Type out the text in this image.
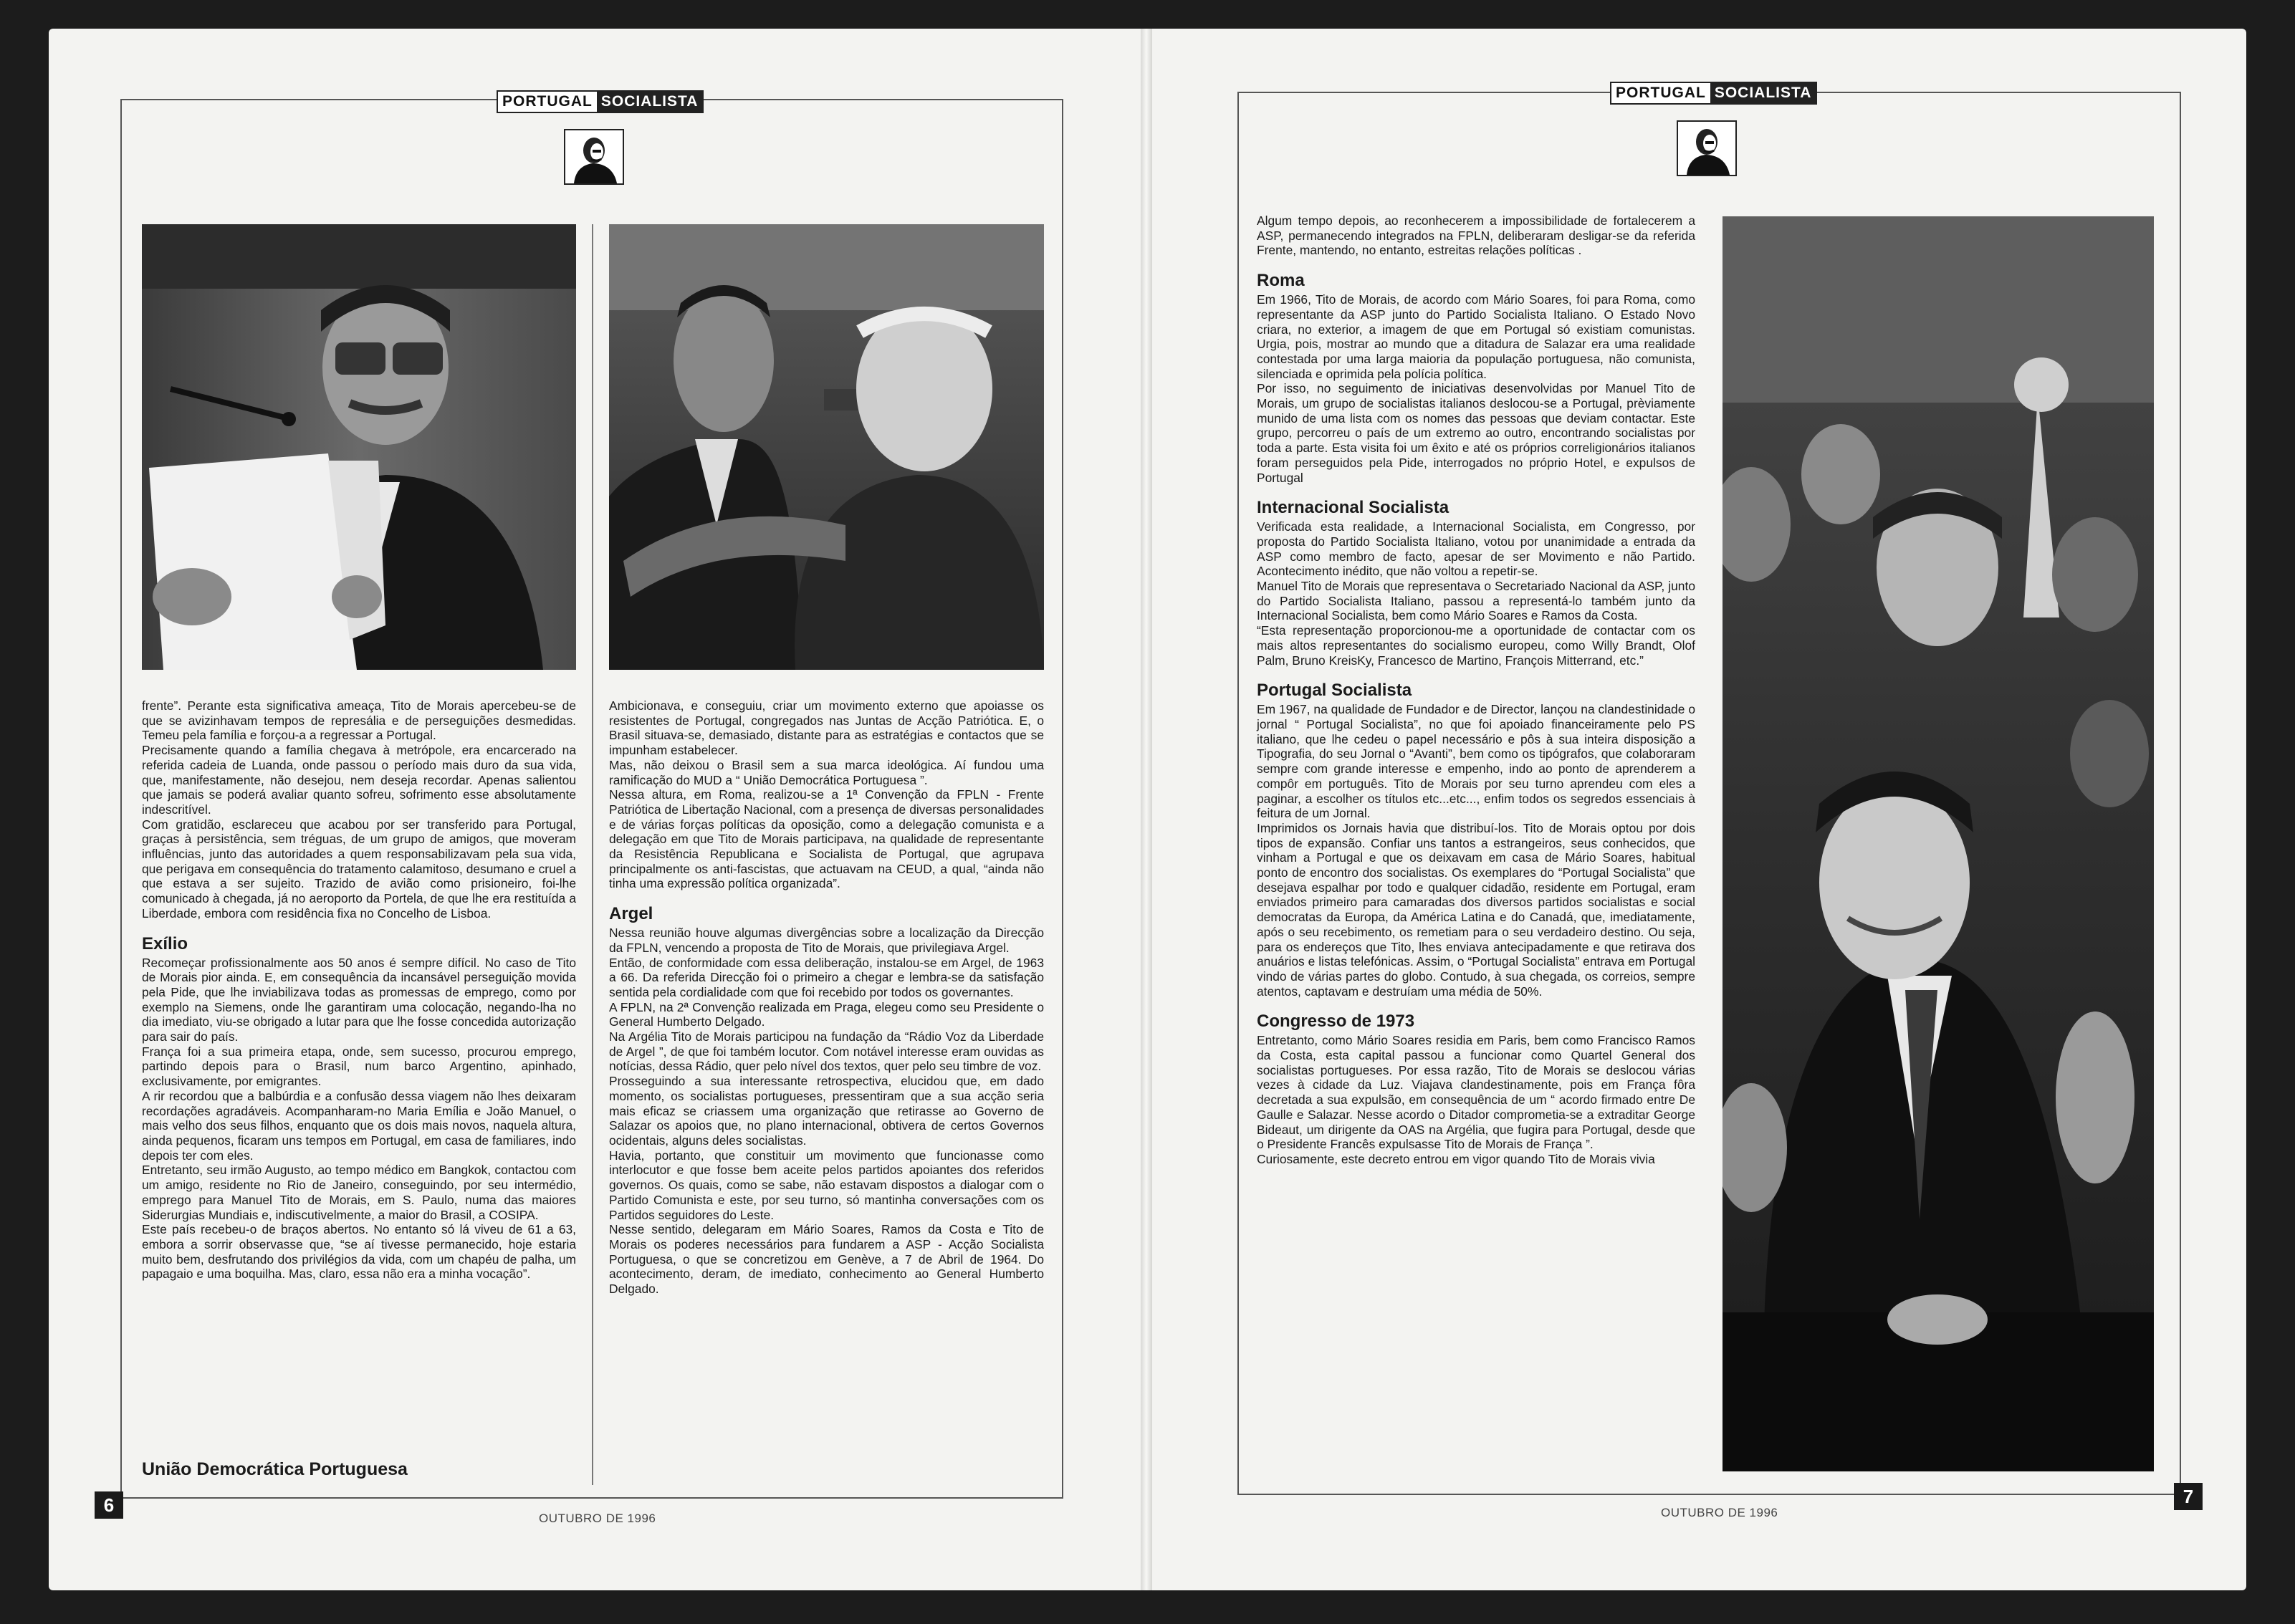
PORTUGAL SOCIALISTA

frente”. Perante esta significativa ameaça, Tito de Morais apercebeu-se de que se avizinhavam tempos de represália e de perseguições desmedidas. Temeu pela família e forçou-a a regressar a Portugal.

Precisamente quando a família chegava à metrópole, era encarcerado na referida cadeia de Luanda, onde passou o período mais duro da sua vida, que, manifestamente, não desejou, nem deseja recordar. Apenas salientou que jamais se poderá avaliar quanto sofreu, sofrimento esse absolutamente indescritível.

Com gratidão, esclareceu que acabou por ser transferido para Portugal, graças à persistência, sem tréguas, de um grupo de amigos, que moveram influências, junto das autoridades a quem responsabilizavam pela sua vida, que perigava em consequência do tratamento calamitoso, desumano e cruel a que estava a ser sujeito. Trazido de avião como prisioneiro, foi-lhe comunicado à chegada, já no aeroporto da Portela, de que lhe era restituída a Liberdade, embora com residência fixa no Concelho de Lisboa.

Exílio

Recomeçar profissionalmente aos 50 anos é sempre difícil. No caso de Tito de Morais pior ainda. E, em consequência da incansável perseguição movida pela Pide, que lhe inviabilizava todas as promessas de emprego, como por exemplo na Siemens, onde lhe garantiram uma colocação, negando-lha no dia imediato, viu-se obrigado a lutar para que lhe fosse concedida autorização para sair do país.

França foi a sua primeira etapa, onde, sem sucesso, procurou emprego, partindo depois para o Brasil, num barco Argentino, apinhado, exclusivamente, por emigrantes.

A rir recordou que a balbúrdia e a confusão dessa viagem não lhes deixaram recordações agradáveis. Acompanharam-no Maria Emília e João Manuel, o mais velho dos seus filhos, enquanto que os dois mais novos, naquela altura, ainda pequenos, ficaram uns tempos em Portugal, em casa de familiares, indo depois ter com eles.

Entretanto, seu irmão Augusto, ao tempo médico em Bangkok, contactou com um amigo, residente no Rio de Janeiro, conseguindo, por seu intermédio, emprego para Manuel Tito de Morais, em S. Paulo, numa das maiores Siderurgias Mundiais e, indiscutivelmente, a maior do Brasil, a COSIPA.

Este país recebeu-o de braços abertos. No entanto só lá viveu de 61 a 63, embora a sorrir observasse que, “se aí tivesse permanecido, hoje estaria muito bem, desfrutando dos privilégios da vida, com um chapéu de palha, um papagaio e uma boquilha. Mas, claro, essa não era a minha vocação”.

União Democrática Portuguesa

Ambicionava, e conseguiu, criar um movimento externo que apoiasse os resistentes de Portugal, congregados nas Juntas de Acção Patriótica. E, o Brasil situava-se, demasiado, distante para as estratégias e contactos que se impunham estabelecer.

Mas, não deixou o Brasil sem a sua marca ideológica. Aí fundou uma ramificação do MUD a “ União Democrática Portuguesa ”.

Nessa altura, em Roma, realizou-se a 1ª Convenção da FPLN - Frente Patriótica de Libertação Nacional, com a presença de diversas personalidades e de várias forças políticas da oposição, como a delegação comunista e a delegação em que Tito de Morais participava, na qualidade de representante da Resistência Republicana e Socialista de Portugal, que agrupava principalmente os anti-fascistas, que actuavam na CEUD, a qual, “ainda não tinha uma expressão política organizada”.

Argel

Nessa reunião houve algumas divergências sobre a localização da Direcção da FPLN, vencendo a proposta de Tito de Morais, que privilegiava Argel.

Então, de conformidade com essa deliberação, instalou-se em Argel, de 1963 a 66. Da referida Direcção foi o primeiro a chegar e lembra-se da satisfação sentida pela cordialidade com que foi recebido por todos os governantes.

A FPLN, na 2ª Convenção realizada em Praga, elegeu como seu Presidente o General Humberto Delgado.

Na Argélia Tito de Morais participou na fundação da “Rádio Voz da Liberdade de Argel ”, de que foi também locutor. Com notável interesse eram ouvidas as notícias, dessa Rádio, quer pelo nível dos textos, quer pelo seu timbre de voz.

Prosseguindo a sua interessante retrospectiva, elucidou que, em dado momento, os socialistas portugueses, pressentiram que a sua acção seria mais eficaz se criassem uma organização que retirasse ao Governo de Salazar os apoios que, no plano internacional, obtivera de certos Governos ocidentais, alguns deles socialistas.

Havia, portanto, que constituir um movimento que funcionasse como interlocutor e que fosse bem aceite pelos partidos apoiantes dos referidos governos. Os quais, como se sabe, não estavam dispostos a dialogar com o Partido Comunista e este, por seu turno, só mantinha conversações com os Partidos seguidores do Leste.

Nesse sentido, delegaram em Mário Soares, Ramos da Costa e Tito de Morais os poderes necessários para fundarem a ASP - Acção Socialista Portuguesa, o que se concretizou em Genève, a 7 de Abril de 1964. Do acontecimento, deram, de imediato, conhecimento ao General Humberto Delgado.

6
OUTUBRO DE 1996
PORTUGAL SOCIALISTA

Algum tempo depois, ao reconhecerem a impossibilidade de fortalecerem a ASP, permanecendo integrados na FPLN, deliberaram desligar-se da referida Frente, mantendo, no entanto, estreitas relações políticas .

Roma

Em 1966, Tito de Morais, de acordo com Mário Soares, foi para Roma, como representante da ASP junto do Partido Socialista Italiano. O Estado Novo criara, no exterior, a imagem de que em Portugal só existiam comunistas. Urgia, pois, mostrar ao mundo que a ditadura de Salazar era uma realidade contestada por uma larga maioria da população portuguesa, não comunista, silenciada e oprimida pela polícia política.

Por isso, no seguimento de iniciativas desenvolvidas por Manuel Tito de Morais, um grupo de socialistas italianos deslocou-se a Portugal, prèviamente munido de uma lista com os nomes das pessoas que deviam contactar. Este grupo, percorreu o país de um extremo ao outro, encontrando socialistas por toda a parte. Esta visita foi um êxito e até os próprios correligionários italianos foram perseguidos pela Pide, interrogados no próprio Hotel, e expulsos de Portugal

Internacional Socialista

Verificada esta realidade, a Internacional Socialista, em Congresso, por proposta do Partido Socialista Italiano, votou por unanimidade a entrada da ASP como membro de facto, apesar de ser Movimento e não Partido. Acontecimento inédito, que não voltou a repetir-se.

Manuel Tito de Morais que representava o Secretariado Nacional da ASP, junto do Partido Socialista Italiano, passou a representá-lo também junto da Internacional Socialista, bem como Mário Soares e Ramos da Costa.

“Esta representação proporcionou-me a oportunidade de contactar com os mais altos representantes do socialismo europeu, como Willy Brandt, Olof Palm, Bruno KreisKy, Francesco de Martino, François Mitterrand, etc.”

Portugal Socialista

Em 1967, na qualidade de Fundador e de Director, lançou na clandestinidade o jornal “ Portugal Socialista”, no que foi apoiado financeiramente pelo PS italiano, que lhe cedeu o papel necessário e pôs à sua inteira disposição a Tipografia, do seu Jornal o “Avanti”, bem como os tipógrafos, que colaboraram sempre com grande interesse e empenho, indo ao ponto de aprenderem a compôr em português. Tito de Morais por seu turno aprendeu com eles a paginar, a escolher os títulos etc...etc..., enfim todos os segredos essenciais à feitura de um Jornal.

Imprimidos os Jornais havia que distribuí-los. Tito de Morais optou por dois tipos de expansão. Confiar uns tantos a estrangeiros, seus conhecidos, que vinham a Portugal e que os deixavam em casa de Mário Soares, habitual ponto de encontro dos socialistas. Os exemplares do “Portugal Socialista” que desejava espalhar por todo e qualquer cidadão, residente em Portugal, eram enviados primeiro para camaradas dos diversos partidos socialistas e social democratas da Europa, da América Latina e do Canadá, que, imediatamente, após o seu recebimento, os remetiam para o seu verdadeiro destino. Ou seja, para os endereços que Tito, lhes enviava antecipadamente e que retirava dos anuários e listas telefónicas. Assim, o “Portugal Socialista” entrava em Portugal vindo de várias partes do globo. Contudo, à sua chegada, os correios, sempre atentos, captavam e destruíam uma média de 50%.

Congresso de 1973

Entretanto, como Mário Soares residia em Paris, bem como Francisco Ramos da Costa, esta capital passou a funcionar como Quartel General dos socialistas portugueses. Por essa razão, Tito de Morais se deslocou várias vezes à cidade da Luz. Viajava clandestinamente, pois em França fôra decretada a sua expulsão, em consequência de um “ acordo firmado entre De Gaulle e Salazar. Nesse acordo o Ditador comprometia-se a extraditar George Bideaut, um dirigente da OAS na Argélia, que fugira para Portugal, desde que o Presidente Francês expulsasse Tito de Morais de França ”.

Curiosamente, este decreto entrou em vigor quando Tito de Morais vivia

7
OUTUBRO DE 1996
